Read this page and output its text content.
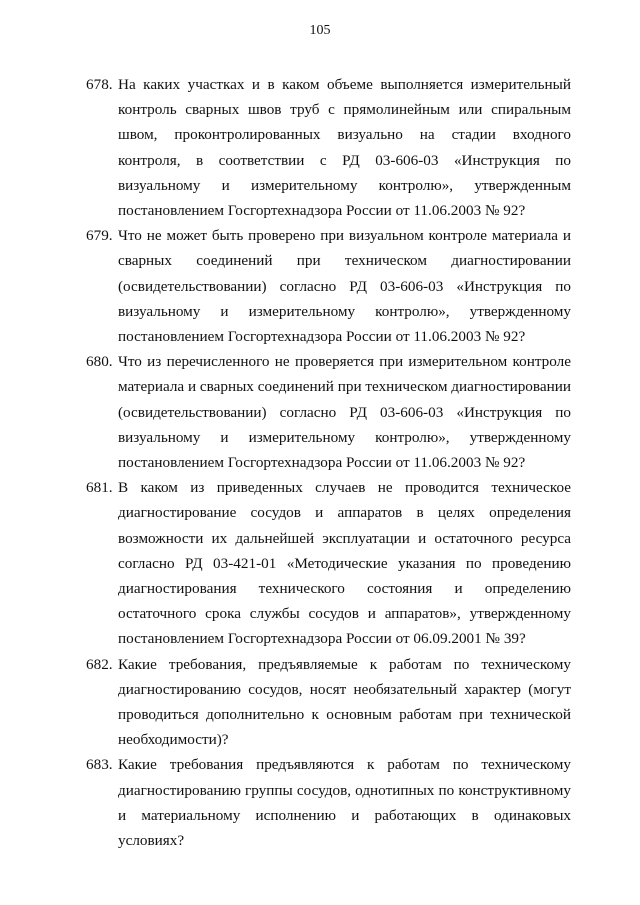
105
678. На каких участках и в каком объеме выполняется измерительный контроль сварных швов труб с прямолинейным или спиральным швом, проконтролированных визуально на стадии входного контроля, в соответствии с РД 03-606-03 «Инструкция по визуальному и измерительному контролю», утвержденным постановлением Госгортехнадзора России от 11.06.2003 № 92?
679. Что не может быть проверено при визуальном контроле материала и сварных соединений при техническом диагностировании (освидетельствовании) согласно РД 03-606-03 «Инструкция по визуальному и измерительному контролю», утвержденному постановлением Госгортехнадзора России от 11.06.2003 № 92?
680. Что из перечисленного не проверяется при измерительном контроле материала и сварных соединений при техническом диагностировании (освидетельствовании) согласно РД 03-606-03 «Инструкция по визуальному и измерительному контролю», утвержденному постановлением Госгортехнадзора России от 11.06.2003 № 92?
681. В каком из приведенных случаев не проводится техническое диагностирование сосудов и аппаратов в целях определения возможности их дальнейшей эксплуатации и остаточного ресурса согласно РД 03-421-01 «Методические указания по проведению диагностирования технического состояния и определению остаточного срока службы сосудов и аппаратов», утвержденному постановлением Госгортехнадзора России от 06.09.2001 № 39?
682. Какие требования, предъявляемые к работам по техническому диагностированию сосудов, носят необязательный характер (могут проводиться дополнительно к основным работам при технической необходимости)?
683. Какие требования предъявляются к работам по техническому диагностированию группы сосудов, однотипных по конструктивному и материальному исполнению и работающих в одинаковых условиях?
